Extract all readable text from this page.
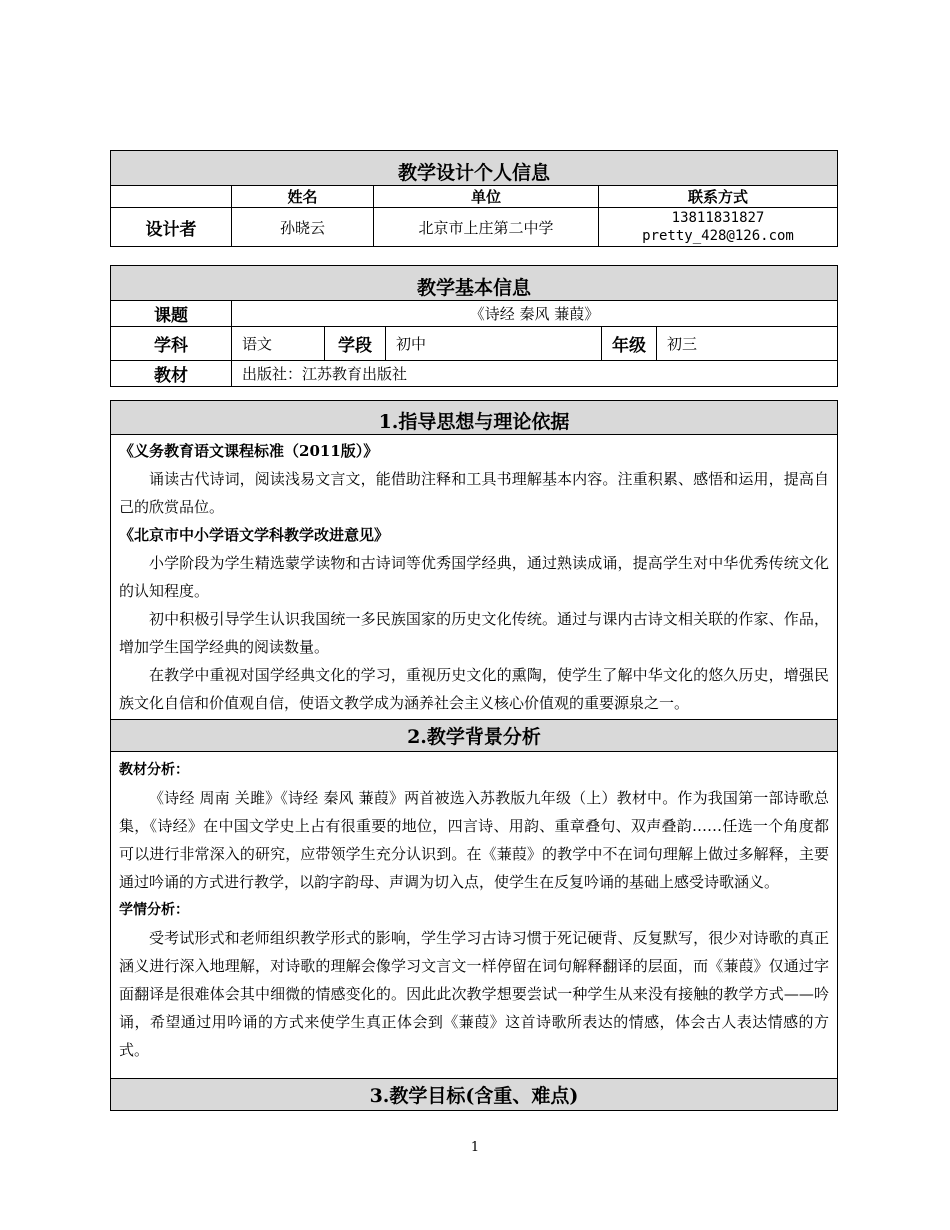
教学设计个人信息			
	姓名	单位	联系方式
设计者	孙晓云	北京市上庄第二中学	13811831827
pretty_428@126.com
教学基本信息					
课题	《诗经 秦风 蒹葭》				
学科	语文	学段	初中	年级	初三
教材	出版社：江苏教育出版社				
1.指导思想与理论依据

《义务教育语文课程标准（2011版）》

诵读古代诗词，阅读浅易文言文，能借助注释和工具书理解基本内容。注重积累、感悟和运用，提高自己的欣赏品位。

《北京市中小学语文学科教学改进意见》

小学阶段为学生精选蒙学读物和古诗词等优秀国学经典，通过熟读成诵，提高学生对中华优秀传统文化的认知程度。

初中积极引导学生认识我国统一多民族国家的历史文化传统。通过与课内古诗文相关联的作家、作品，增加学生国学经典的阅读数量。

在教学中重视对国学经典文化的学习，重视历史文化的熏陶，使学生了解中华文化的悠久历史，增强民族文化自信和价值观自信，使语文教学成为涵养社会主义核心价值观的重要源泉之一。

2.教学背景分析

教材分析：

《诗经 周南 关雎》《诗经 秦风 蒹葭》两首被选入苏教版九年级（上）教材中。作为我国第一部诗歌总集，《诗经》在中国文学史上占有很重要的地位，四言诗、用韵、重章叠句、双声叠韵……任选一个角度都可以进行非常深入的研究，应带领学生充分认识到。在《蒹葭》的教学中不在词句理解上做过多解释，主要通过吟诵的方式进行教学，以韵字韵母、声调为切入点，使学生在反复吟诵的基础上感受诗歌涵义。

学情分析：

受考试形式和老师组织教学形式的影响，学生学习古诗习惯于死记硬背、反复默写，很少对诗歌的真正涵义进行深入地理解，对诗歌的理解会像学习文言文一样停留在词句解释翻译的层面，而《蒹葭》仅通过字面翻译是很难体会其中细微的情感变化的。因此此次教学想要尝试一种学生从来没有接触的教学方式——吟诵，希望通过用吟诵的方式来使学生真正体会到《蒹葭》这首诗歌所表达的情感，体会古人表达情感的方式。

3.教学目标(含重、难点)
1
